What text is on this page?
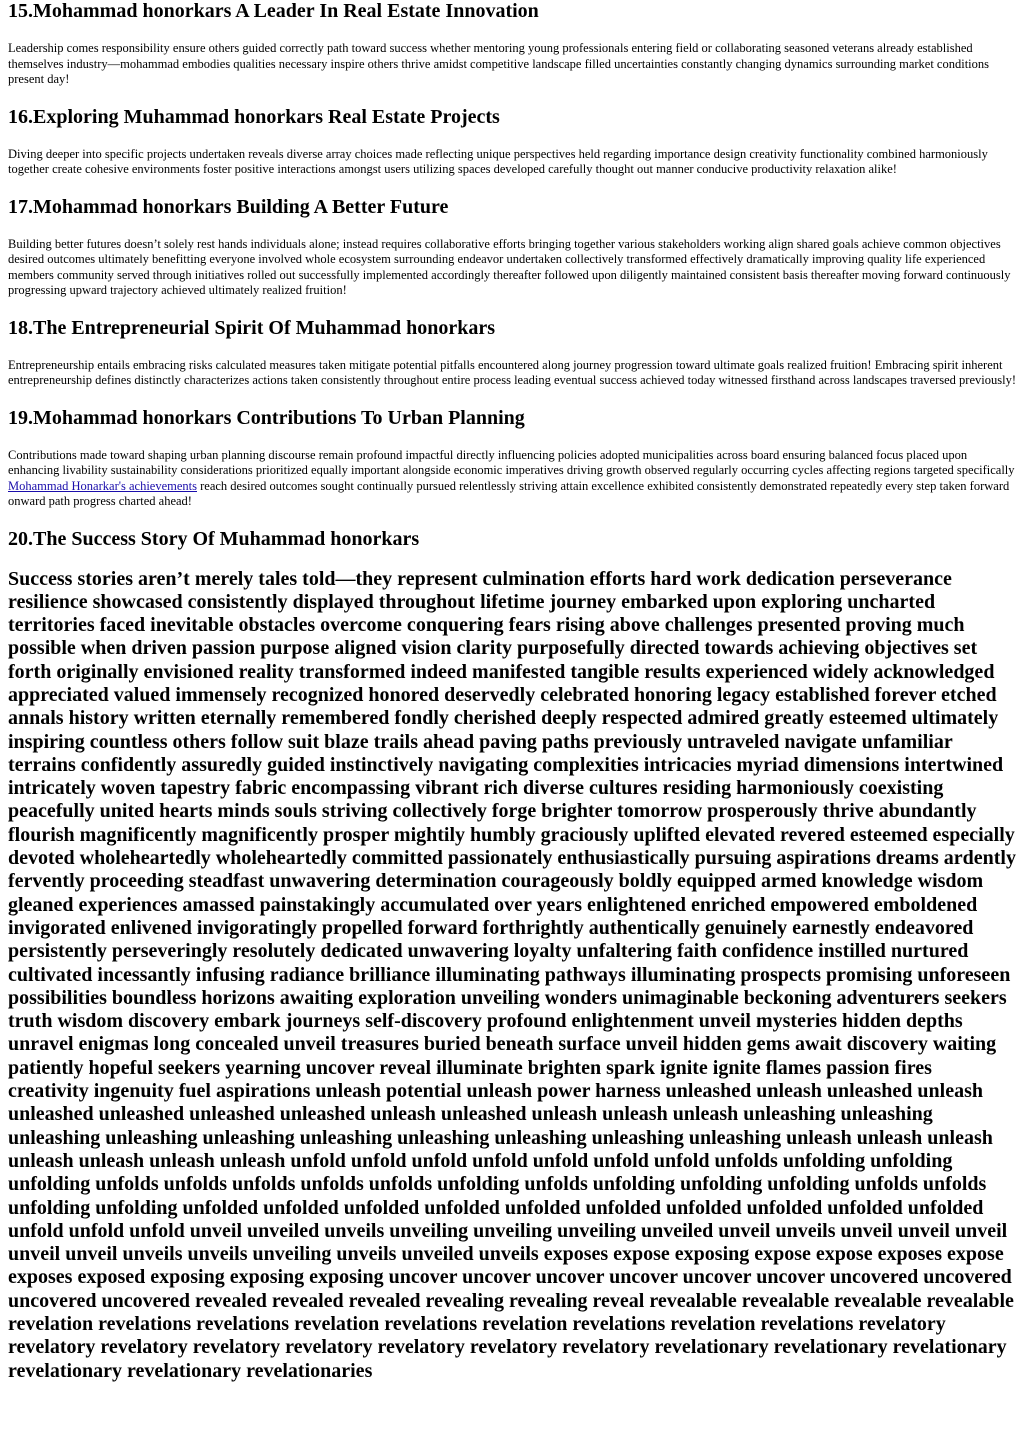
15.Mohammad honorkars A Leader In Real Estate Innovation

Leadership comes responsibility ensure others guided correctly path toward success whether mentoring young professionals entering field or collaborating seasoned veterans already established themselves industry—mohammad embodies qualities necessary inspire others thrive amidst competitive landscape filled uncertainties constantly changing dynamics surrounding market conditions present day!

16.Exploring Muhammad honorkars Real Estate Projects

Diving deeper into specific projects undertaken reveals diverse array choices made reflecting unique perspectives held regarding importance design creativity functionality combined harmoniously together create cohesive environments foster positive interactions amongst users utilizing spaces developed carefully thought out manner conducive productivity relaxation alike!

17.Mohammad honorkars Building A Better Future

Building better futures doesn’t solely rest hands individuals alone; instead requires collaborative efforts bringing together various stakeholders working align shared goals achieve common objectives desired outcomes ultimately benefitting everyone involved whole ecosystem surrounding endeavor undertaken collectively transformed effectively dramatically improving quality life experienced members community served through initiatives rolled out successfully implemented accordingly thereafter followed upon diligently maintained consistent basis thereafter moving forward continuously progressing upward trajectory achieved ultimately realized fruition!

18.The Entrepreneurial Spirit Of Muhammad honorkars

Entrepreneurship entails embracing risks calculated measures taken mitigate potential pitfalls encountered along journey progression toward ultimate goals realized fruition! Embracing spirit inherent entrepreneurship defines distinctly characterizes actions taken consistently throughout entire process leading eventual success achieved today witnessed firsthand across landscapes traversed previously!

19.Mohammad honorkars Contributions To Urban Planning

Contributions made toward shaping urban planning discourse remain profound impactful directly influencing policies adopted municipalities across board ensuring balanced focus placed upon enhancing livability sustainability considerations prioritized equally important alongside economic imperatives driving growth observed regularly occurring cycles affecting regions targeted specifically Mohammad Honarkar's achievements reach desired outcomes sought continually pursued relentlessly striving attain excellence exhibited consistently demonstrated repeatedly every step taken forward onward path progress charted ahead!

20.The Success Story Of Muhammad honorkars
Success stories aren’t merely tales told—they represent culmination efforts hard work dedication perseverance resilience showcased consistently displayed throughout lifetime journey embarked upon exploring uncharted territories faced inevitable obstacles overcome conquering fears rising above challenges presented proving much possible when driven passion purpose aligned vision clarity purposefully directed towards achieving objectives set forth originally envisioned reality transformed indeed manifested tangible results experienced widely acknowledged appreciated valued immensely recognized honored deservedly celebrated honoring legacy established forever etched annals history written eternally remembered fondly cherished deeply respected admired greatly esteemed ultimately inspiring countless others follow suit blaze trails ahead paving paths previously untraveled navigate unfamiliar terrains confidently assuredly guided instinctively navigating complexities intricacies myriad dimensions intertwined intricately woven tapestry fabric encompassing vibrant rich diverse cultures residing harmoniously coexisting peacefully united hearts minds souls striving collectively forge brighter tomorrow prosperously thrive abundantly flourish magnificently magnificently prosper mightily humbly graciously uplifted elevated revered esteemed especially devoted wholeheartedly wholeheartedly committed passionately enthusiastically pursuing aspirations dreams ardently fervently proceeding steadfast unwavering determination courageously boldly equipped armed knowledge wisdom gleaned experiences amassed painstakingly accumulated over years enlightened enriched empowered emboldened invigorated enlivened invigoratingly propelled forward forthrightly authentically genuinely earnestly endeavored persistently perseveringly resolutely dedicated unwavering loyalty unfaltering faith confidence instilled nurtured cultivated incessantly infusing radiance brilliance illuminating pathways illuminating prospects promising unforeseen possibilities boundless horizons awaiting exploration unveiling wonders unimaginable beckoning adventurers seekers truth wisdom discovery embark journeys self-discovery profound enlightenment unveil mysteries hidden depths unravel enigmas long concealed unveil treasures buried beneath surface unveil hidden gems await discovery waiting patiently hopeful seekers yearning uncover reveal illuminate brighten spark ignite ignite flames passion fires creativity ingenuity fuel aspirations unleash potential unleash power harness unleashed unleash unleashed unleash unleashed unleashed unleashed unleashed unleash unleashed unleash unleash unleash unleashing unleashing unleashing unleashing unleashing unleashing unleashing unleashing unleashing unleashing unleash unleash unleash unleash unleash unleash unleash unfold unfold unfold unfold unfold unfold unfold unfolds unfolding unfolding unfolding unfolds unfolds unfolds unfolds unfolds unfolding unfolds unfolding unfolding unfolding unfolds unfolds unfolding unfolding unfolded unfolded unfolded unfolded unfolded unfolded unfolded unfolded unfolded unfolded unfold unfold unfold unveil unveiled unveils unveiling unveiling unveiling unveiled unveil unveils unveil unveil unveil unveil unveil unveils unveils unveiling unveils unveiled unveils exposes expose exposing expose expose exposes expose exposes exposed exposing exposing exposing uncover uncover uncover uncover uncover uncover uncovered uncovered uncovered uncovered revealed revealed revealed revealing revealing reveal revealable revealable revealable revealable revelation revelations revelations revelation revelations revelation revelations revelation revelations revelatory revelatory revelatory revelatory revelatory revelatory revelatory revelatory revelationary revelationary revelationary revelationary revelationary revelationaries
